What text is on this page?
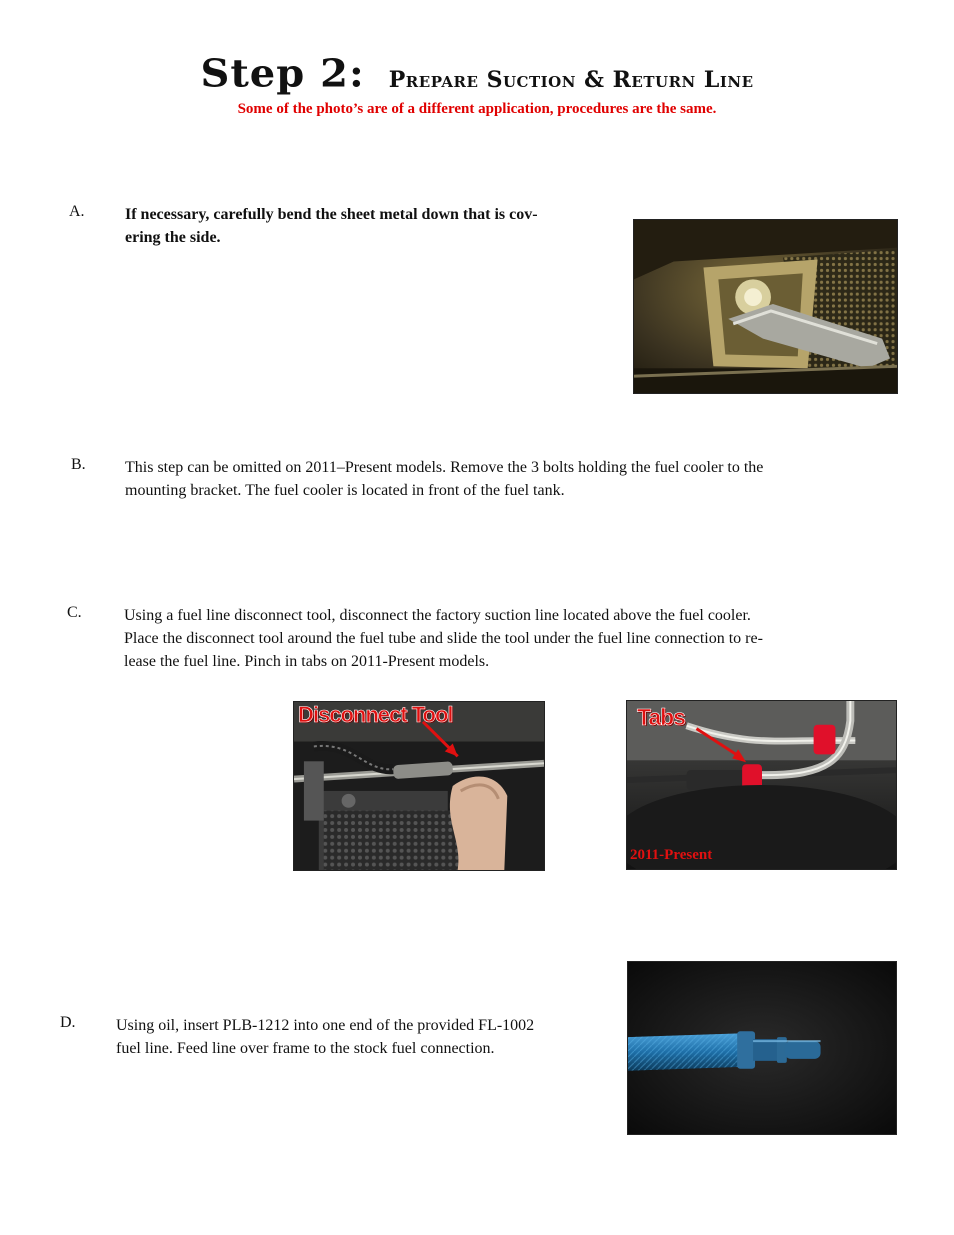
Step 2: Prepare Suction & Return Line
Some of the photo’s are of a different application, procedures are the same.
A.	If necessary, carefully bend the sheet metal down that is cov-
ering the side.
B. This step can be omitted on 2011–Present models. Remove the 3 bolts holding the fuel cooler to the
mounting bracket. The fuel cooler is located in front of the fuel tank.
C.	Using a fuel line disconnect tool, disconnect the factory suction line located above the fuel cooler.
Place the disconnect tool around the fuel tube and slide the tool under the fuel line connection to re-
lease the fuel line. Pinch in tabs on 2011-Present models.
Disconnect Tool	Tabs
2011-Present
D.	Using oil, insert PLB-1212 into one end of the provided FL-1002
fuel line. Feed line over frame to the stock fuel connection.
